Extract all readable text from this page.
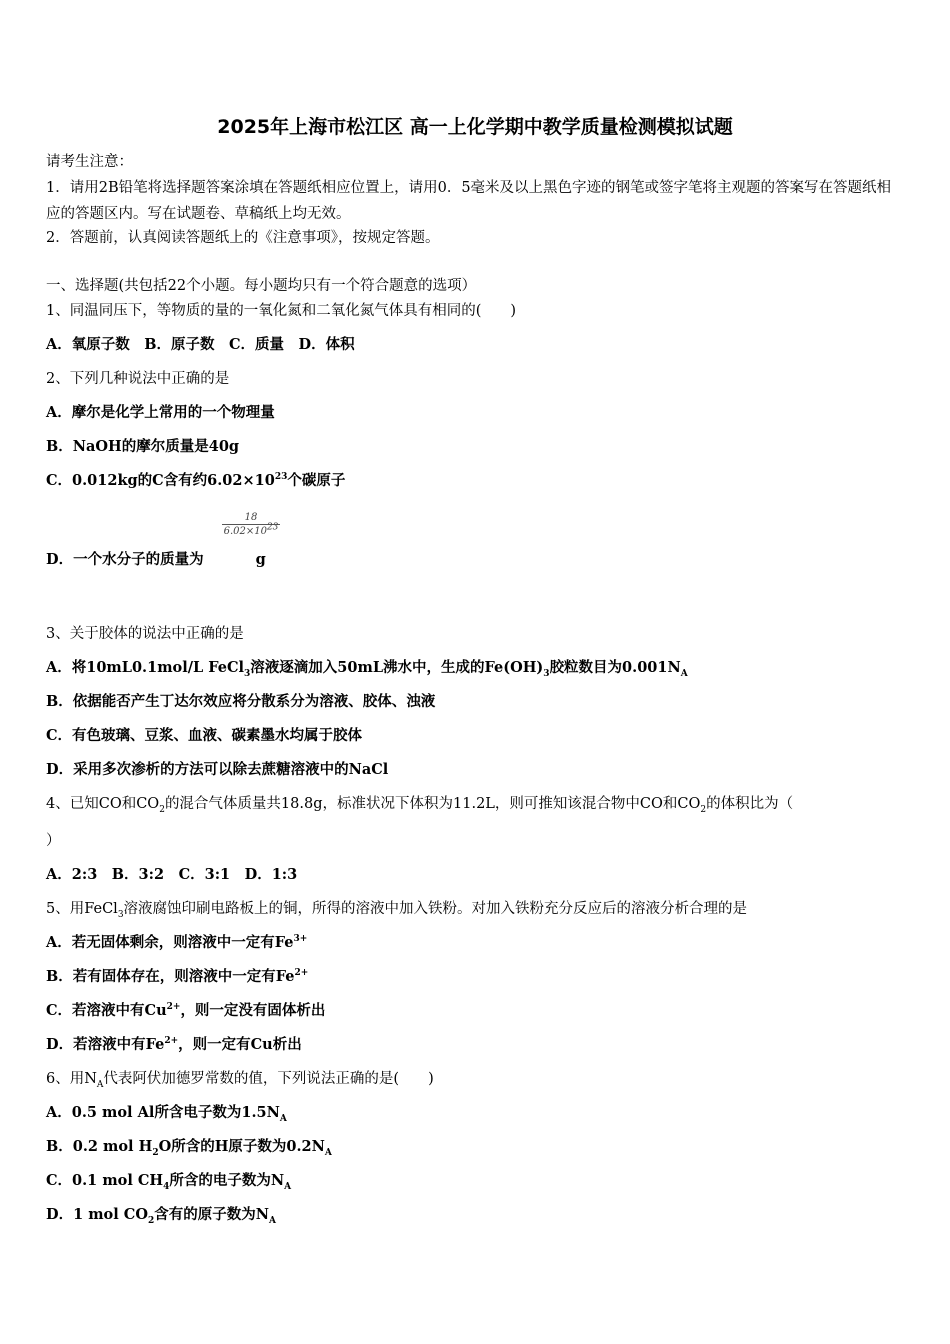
2025年上海市松江区 高一上化学期中教学质量检测模拟试题
请考生注意：
1．请用2B铅笔将选择题答案涂填在答题纸相应位置上，请用0．5毫米及以上黑色字迹的钢笔或签字笔将主观题的答案写在答题纸相应的答题区内。写在试题卷、草稿纸上均无效。
2．答题前，认真阅读答题纸上的《注意事项》，按规定答题。
一、选择题(共包括22个小题。每小题均只有一个符合题意的选项）
1、同温同压下，等物质的量的一氧化氮和二氧化氮气体具有相同的(　　)
A．氧原子数　B．原子数　C．质量　D．体积
2、下列几种说法中正确的是
A．摩尔是化学上常用的一个物理量
B．NaOH的摩尔质量是40g
C．0.012kg的C含有约$6.02\times 10^{23}$个碳原子
$\frac{18}{6.02\times 10^{23}}$
D．一个水分子的质量为	g
3、关于胶体的说法中正确的是
A．将10mL0.1mol/L FeCl$_3$溶液逐滴加入50mL沸水中，生成的$Fe(OH)_3$胶粒数目为$0.001N_A$
B．依据能否产生丁达尔效应将分散系分为溶液、胶体、浊液
C．有色玻璃、豆浆、血液、碳素墨水均属于胶体
D．采用多次渗析的方法可以除去蔗糖溶液中的NaCl
4、已知CO和$CO_2$的混合气体质量共18.8g，标准状况下体积为11.2L，则可推知该混合物中CO和$CO_2$的体积比为（
）
A．2:3　B．3:2　C．3:1　D．1:3
5、用FeCl$_3$溶液腐蚀印刷电路板上的铜，所得的溶液中加入铁粉。对加入铁粉充分反应后的溶液分析合理的是
A．若无固体剩余，则溶液中一定有$Fe^{3+}$
B．若有固体存在，则溶液中一定有$Fe^{2+}$
C．若溶液中有$Cu^{2+}$，则一定没有固体析出
D．若溶液中有$Fe^{2+}$，则一定有Cu析出
6、用$N_A$代表阿伏加德罗常数的值，下列说法正确的是(　　)
A．0.5 mol Al所含电子数为$1.5N_A$
B．0.2 mol $H_2O$所含的H原子数为$0.2N_A$
C．0.1 mol $CH_4$所含的电子数为$N_A$
D．1 mol $CO_2$含有的原子数为$N_A$
